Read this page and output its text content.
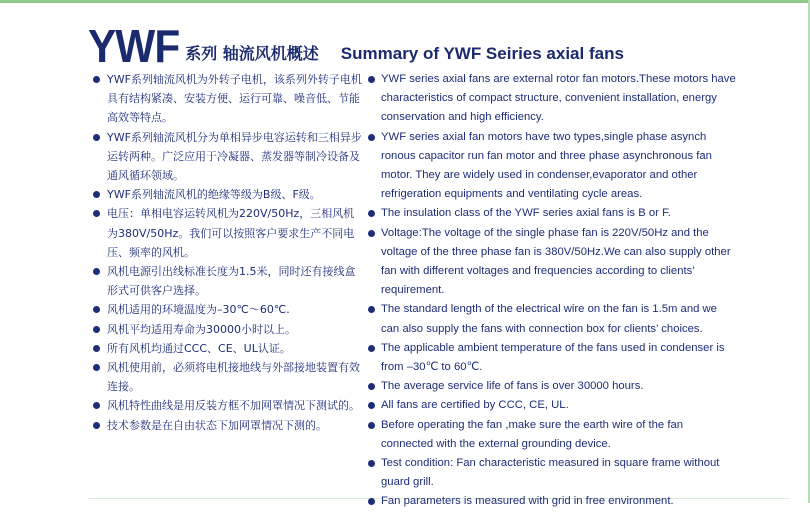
YWF 系列 轴流风机概述 Summary of YWF Seiries axial fans
YWF系列轴流风机为外转子电机，该系列外转子电机具有结构紧凑、安装方便、运行可靠、噪音低、节能高效等特点。
YWF系列轴流风机分为单相异步电容运转和三相异步运转两种。广泛应用于冷凝器、蒸发器等制冷设备及通风循环领域。
YWF系列轴流风机的绝缘等级为B级、F级。
电压：单相电容运转风机为220V/50Hz，三相风机为380V/50Hz。我们可以按照客户要求生产不同电压、频率的风机。
风机电源引出线标准长度为1.5米，同时还有接线盒形式可供客户选择。
风机适用的环境温度为–30℃～60℃.
风机平均适用寿命为30000小时以上。
所有风机均通过CCC、CE、UL认证。
风机使用前，必须将电机接地线与外部接地装置有效连接。
风机特性曲线是用反装方框不加网罩情况下测试的。
技术参数是在自由状态下加网罩情况下测的。
YWF series axial fans are external rotor fan motors.These motors have characteristics of compact structure, convenient installation, energy conservation and high efficiency.
YWF series axial fan motors have two types,single phase asynch ronous capacitor run fan motor and three phase asynchronous fan motor. They are widely used in condenser,evaporator and other refrigeration equipments and ventilating cycle areas.
The insulation class of the YWF series axial fans is B or F.
Voltage:The voltage of the single phase fan is 220V/50Hz and the voltage of the three phase fan is 380V/50Hz.We can also supply other fan with different voltages and frequencies according to clients’ requirement.
The standard length of the electrical wire on the fan is 1.5m and we can also supply the fans with connection box for clients’ choices.
The applicable ambient temperature of the fans used in condenser is from –30℃ to 60℃.
The average service life of fans is over 30000 hours.
All fans are certified by CCC, CE, UL.
Before operating the fan ,make sure the earth wire of the fan connected with the external grounding device.
Test condition: Fan characteristic measured in square frame without guard grill.
Fan parameters is measured with grid in free environment.
